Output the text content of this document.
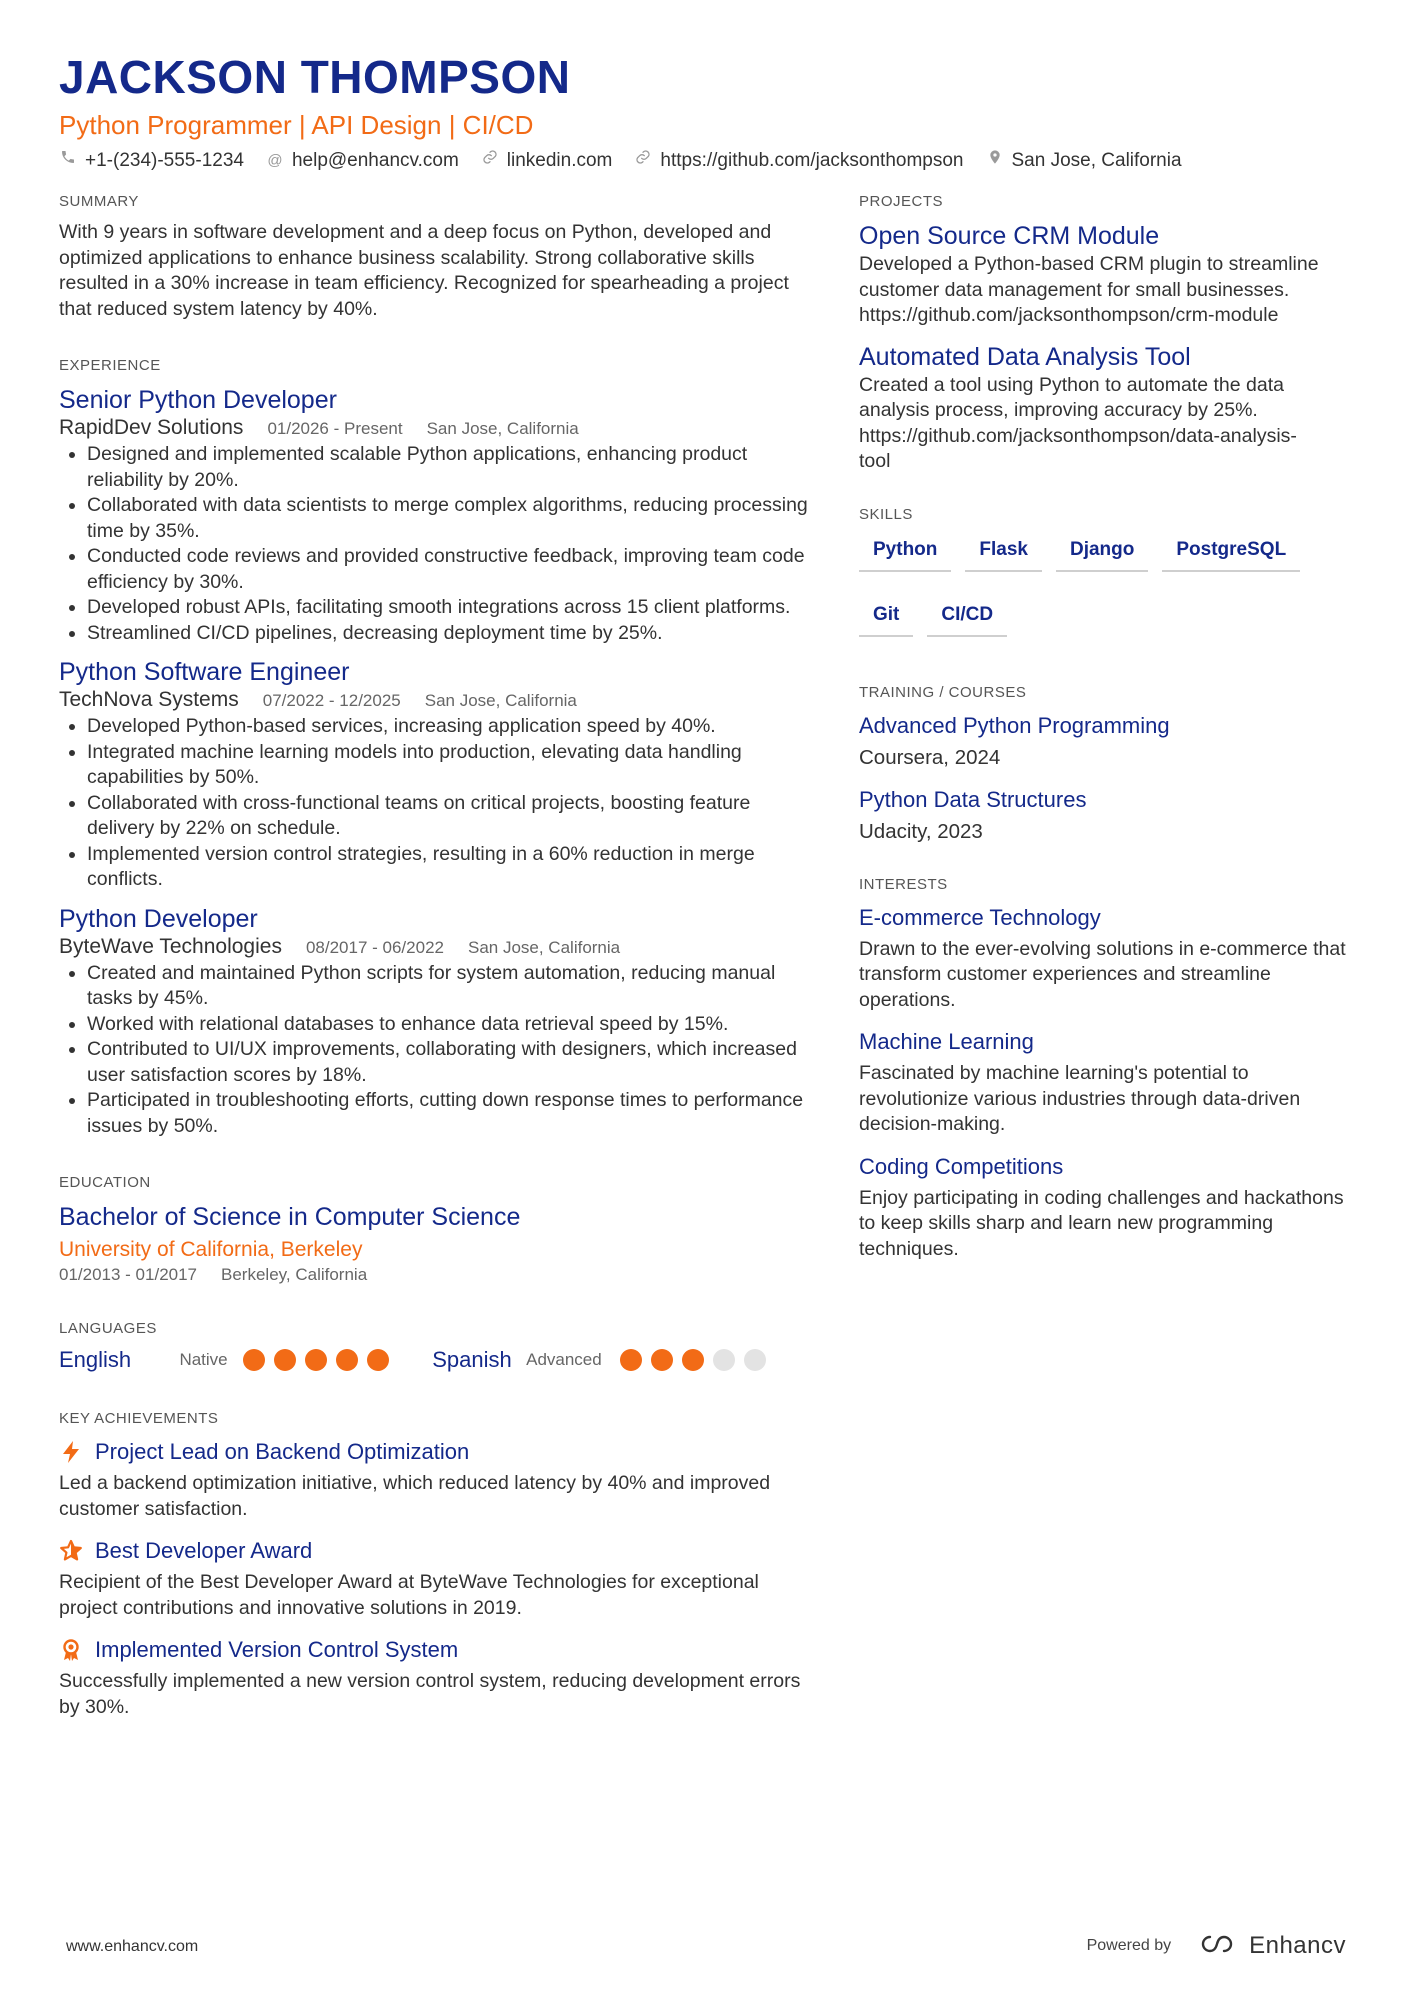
JACKSON THOMPSON
Python Programmer | API Design | CI/CD
+1-(234)-555-1234 @ help@enhancv.com	linkedin.com	https://github.com/jacksonthompson	San Jose, California
SUMMARY
With 9 years in software development and a deep focus on Python, developed and optimized applications to enhance business scalability. Strong collaborative skills resulted in a 30% increase in team efficiency. Recognized for spearheading a project that reduced system latency by 40%.
EXPERIENCE
Senior Python Developer
RapidDev Solutions 01/2026 - Present San Jose, California
• Designed and implemented scalable Python applications, enhancing product reliability by 20%.
• Collaborated with data scientists to merge complex algorithms, reducing processing time by 35%.
• Conducted code reviews and provided constructive feedback, improving team code efficiency by 30%.
• Developed robust APIs, facilitating smooth integrations across 15 client platforms.
• Streamlined CI/CD pipelines, decreasing deployment time by 25%.
Python Software Engineer
TechNova Systems 07/2022 - 12/2025 San Jose, California
• Developed Python-based services, increasing application speed by 40%.
• Integrated machine learning models into production, elevating data handling capabilities by 50%.
• Collaborated with cross-functional teams on critical projects, boosting feature delivery by 22% on schedule.
• Implemented version control strategies, resulting in a 60% reduction in merge conflicts.
Python Developer
ByteWave Technologies 08/2017 - 06/2022 San Jose, California
• Created and maintained Python scripts for system automation, reducing manual tasks by 45%.
• Worked with relational databases to enhance data retrieval speed by 15%.
• Contributed to UI/UX improvements, collaborating with designers, which increased user satisfaction scores by 18%.
• Participated in troubleshooting efforts, cutting down response times to performance issues by 50%.
EDUCATION
Bachelor of Science in Computer Science
University of California, Berkeley
01/2013 - 01/2017 Berkeley, California
LANGUAGES
English	Native	Spanish Advanced
KEY ACHIEVEMENTS
Project Lead on Backend Optimization
Led a backend optimization initiative, which reduced latency by 40% and improved customer satisfaction.
Best Developer Award
Recipient of the Best Developer Award at ByteWave Technologies for exceptional project contributions and innovative solutions in 2019.
Implemented Version Control System
Successfully implemented a new version control system, reducing development errors by 30%.
PROJECTS
Open Source CRM Module
Developed a Python-based CRM plugin to streamline customer data management for small businesses.
https://github.com/jacksonthompson/crm-module
Automated Data Analysis Tool
Created a tool using Python to automate the data analysis process, improving accuracy by 25%.
https://github.com/jacksonthompson/data-analysis-tool
SKILLS
Python	Flask	Django	PostgreSQL
Git	CI/CD
TRAINING / COURSES
Advanced Python Programming
Coursera, 2024
Python Data Structures
Udacity, 2023
INTERESTS
E-commerce Technology
Drawn to the ever-evolving solutions in e-commerce that transform customer experiences and streamline operations.
Machine Learning
Fascinated by machine learning's potential to revolutionize various industries through data-driven decision-making.
Coding Competitions
Enjoy participating in coding challenges and hackathons to keep skills sharp and learn new programming techniques.
www.enhancv.com	Powered by	Enhancv
